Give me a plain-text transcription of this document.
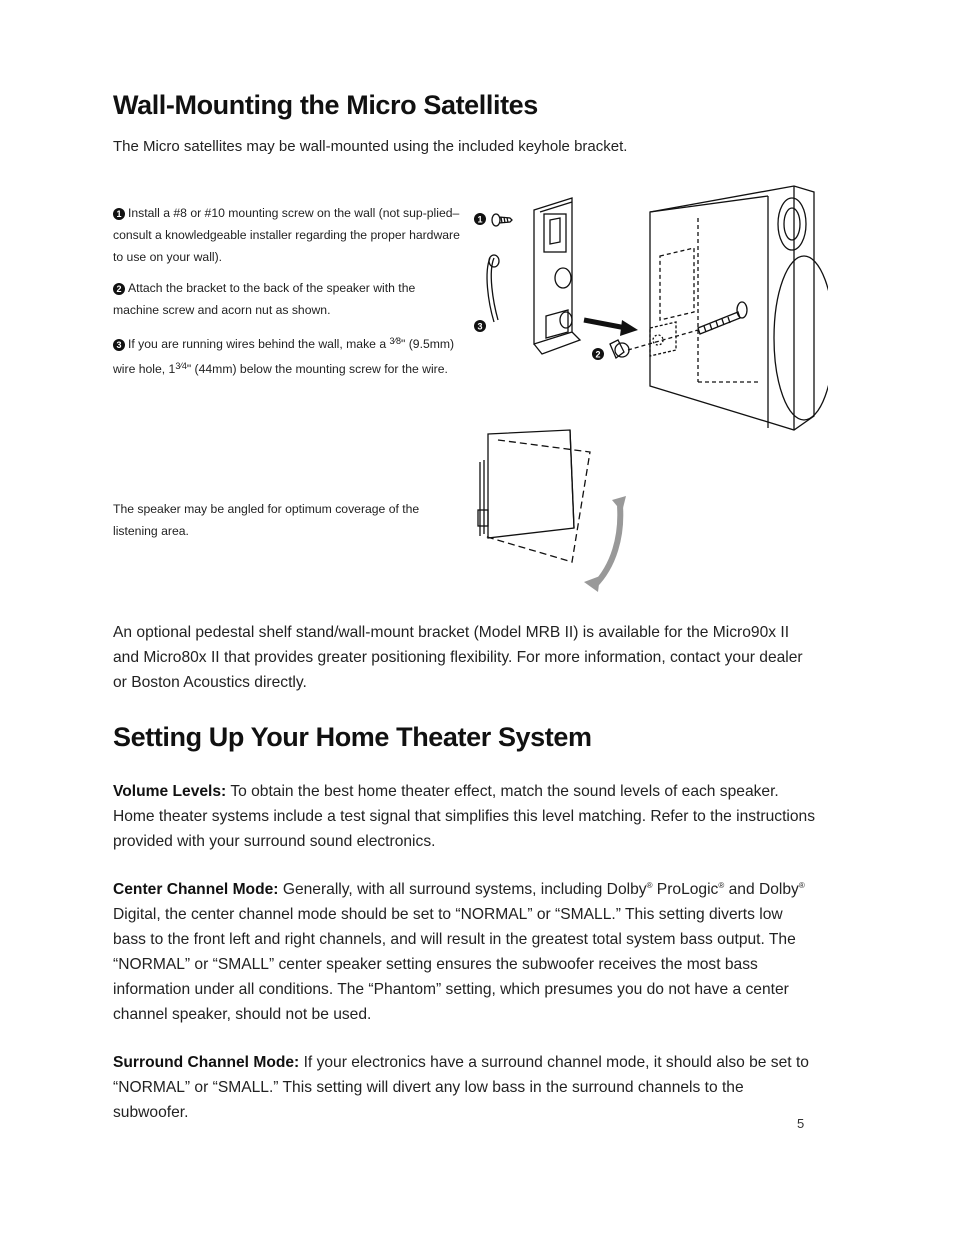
Wall-Mounting the Micro Satellites
The Micro satellites may be wall-mounted using the included keyhole bracket.
1 Install a #8 or #10 mounting screw on the wall (not sup-plied–consult a knowledgeable installer regarding the proper hardware to use on your wall).
2 Attach the bracket to the back of the speaker with the machine screw and acorn nut as shown.
3 If you are running wires behind the wall, make a $^{3⁄8}$" (9.5mm) wire hole, $1^{3⁄4}$" (44mm) below the mounting screw for the wire.
1
3
2
The speaker may be angled for optimum coverage of the listening area.
An optional pedestal shelf stand/wall-mount bracket (Model MRB II) is available for the Micro90x II and Micro80x II that provides greater positioning flexibility. For more information, contact your dealer or Boston Acoustics directly.
Setting Up Your Home Theater System
Volume Levels: To obtain the best home theater effect, match the sound levels of each speaker. Home theater systems include a test signal that simplifies this level matching. Refer to the instructions provided with your surround sound electronics.
Center Channel Mode: Generally, with all surround systems, including Dolby® ProLogic® and Dolby® Digital, the center channel mode should be set to “NORMAL” or “SMALL.” This setting diverts low bass to the front left and right channels, and will result in the greatest total system bass output. The “NORMAL” or “SMALL” center speaker setting ensures the subwoofer receives the most bass information under all conditions. The “Phantom” setting, which presumes you do not have a center channel speaker, should not be used.
Surround Channel Mode: If your electronics have a surround channel mode, it should also be set to “NORMAL” or “SMALL.” This setting will divert any low bass in the surround channels to the subwoofer.
5
